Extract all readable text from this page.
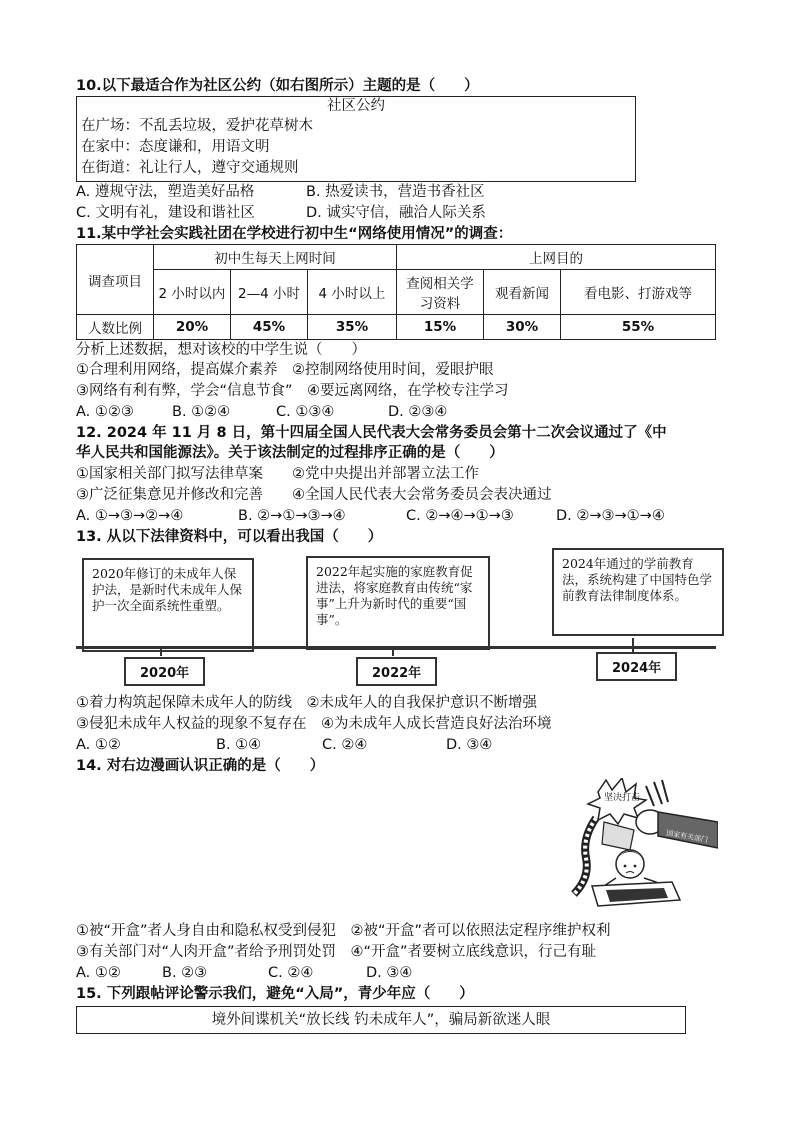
10.以下最适合作为社区公约（如右图所示）主题的是（　　）
社区公约
在广场：不乱丢垃圾，爱护花草树木
在家中：态度谦和，用语文明
在街道：礼让行人，遵守交通规则
A. 遵规守法，塑造美好品格	B. 热爱读书，营造书香社区
C. 文明有礼，建设和谐社区	D. 诚实守信，融洽人际关系
11.某中学社会实践社团在学校进行初中生“网络使用情况”的调查：
调查项目	初中生每天上网时间			上网目的		
	2 小时以内	2—4 小时	4 小时以上	查阅相关学习资料	观看新闻	看电影、打游戏等
人数比例	20%	45%	35%	15%	30%	55%
分析上述数据，想对该校的中学生说（　　）
①合理利用网络，提高媒介素养　②控制网络使用时间，爱眼护眼
③网络有利有弊，学会“信息节食”　④要远离网络，在学校专注学习
A. ①②③	B. ①②④	C. ①③④	D. ②③④
12. 2024 年 11 月 8 日，第十四届全国人民代表大会常务委员会第十二次会议通过了《中
华人民共和国能源法》。关于该法制定的过程排序正确的是（　　）
①国家相关部门拟写法律草案　　②党中央提出并部署立法工作
③广泛征集意见并修改和完善　　④全国人民代表大会常务委员会表决通过
A. ①→③→②→④	B. ②→①→③→④	C. ②→④→①→③	D. ②→③→①→④
13. 从以下法律资料中，可以看出我国（　　）
2020年修订的未成年人保护法，是新时代未成年人保护一次全面系统性重塑。
2022年起实施的家庭教育促进法，将家庭教育由传统“家事”上升为新时代的重要“国事”。
2024年通过的学前教育法，系统构建了中国特色学前教育法律制度体系。
2020年	2022年	2024年
①着力构筑起保障未成年人的防线　②未成年人的自我保护意识不断增强
③侵犯未成年人权益的现象不复存在　④为未成年人成长营造良好法治环境
A. ①②	B. ①④	C. ②④	D. ③④
14. 对右边漫画认识正确的是（　　）
坚决打击
国家有关部门
①被“开盒”者人身自由和隐私权受到侵犯　②被“开盒”者可以依照法定程序维护权利
③有关部门对“人肉开盒”者给予刑罚处罚　④“开盒”者要树立底线意识，行己有耻
A. ①②	B. ②③	C. ②④	D. ③④
15. 下列跟帖评论警示我们，避免“入局”，青少年应（　　）
境外间谍机关“放长线 钓未成年人”，骗局新欲迷人眼
